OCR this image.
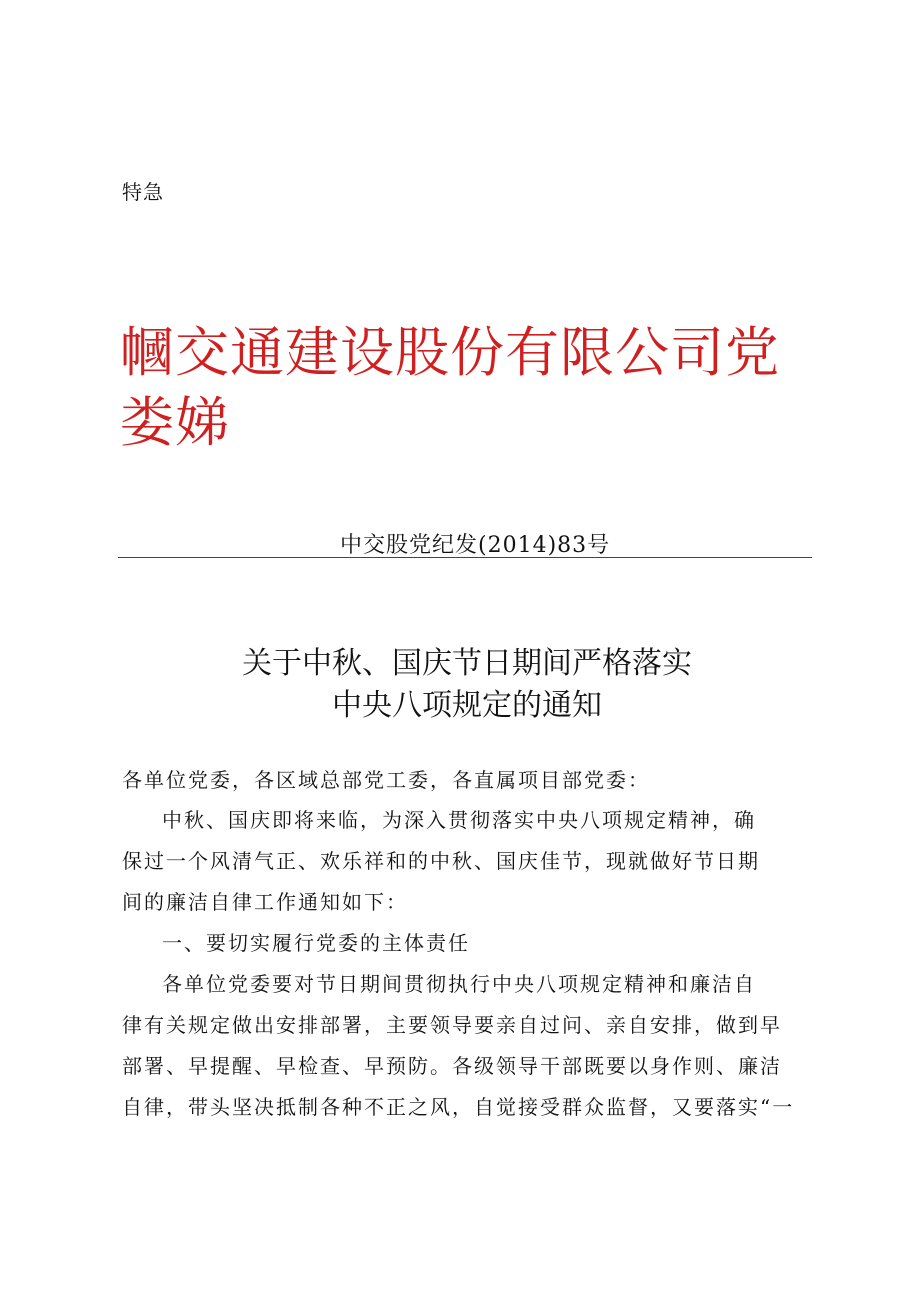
特急
幗交通建设股份有限公司党
娄娣
中交股党纪发(2014)83号
关于中秋、国庆节日期间严格落实
中央八项规定的通知
各单位党委，各区域总部党工委，各直属项目部党委：
中秋、国庆即将来临，为深入贯彻落实中央八项规定精神，确
保过一个风清气正、欢乐祥和的中秋、国庆佳节，现就做好节日期
间的廉洁自律工作通知如下：
一、要切实履行党委的主体责任
各单位党委要对节日期间贯彻执行中央八项规定精神和廉洁自
律有关规定做出安排部署，主要领导要亲自过问、亲自安排，做到早
部署、早提醒、早检查、早预防。各级领导干部既要以身作则、廉洁
自律，带头坚决抵制各种不正之风，自觉接受群众监督，又要落实“一
